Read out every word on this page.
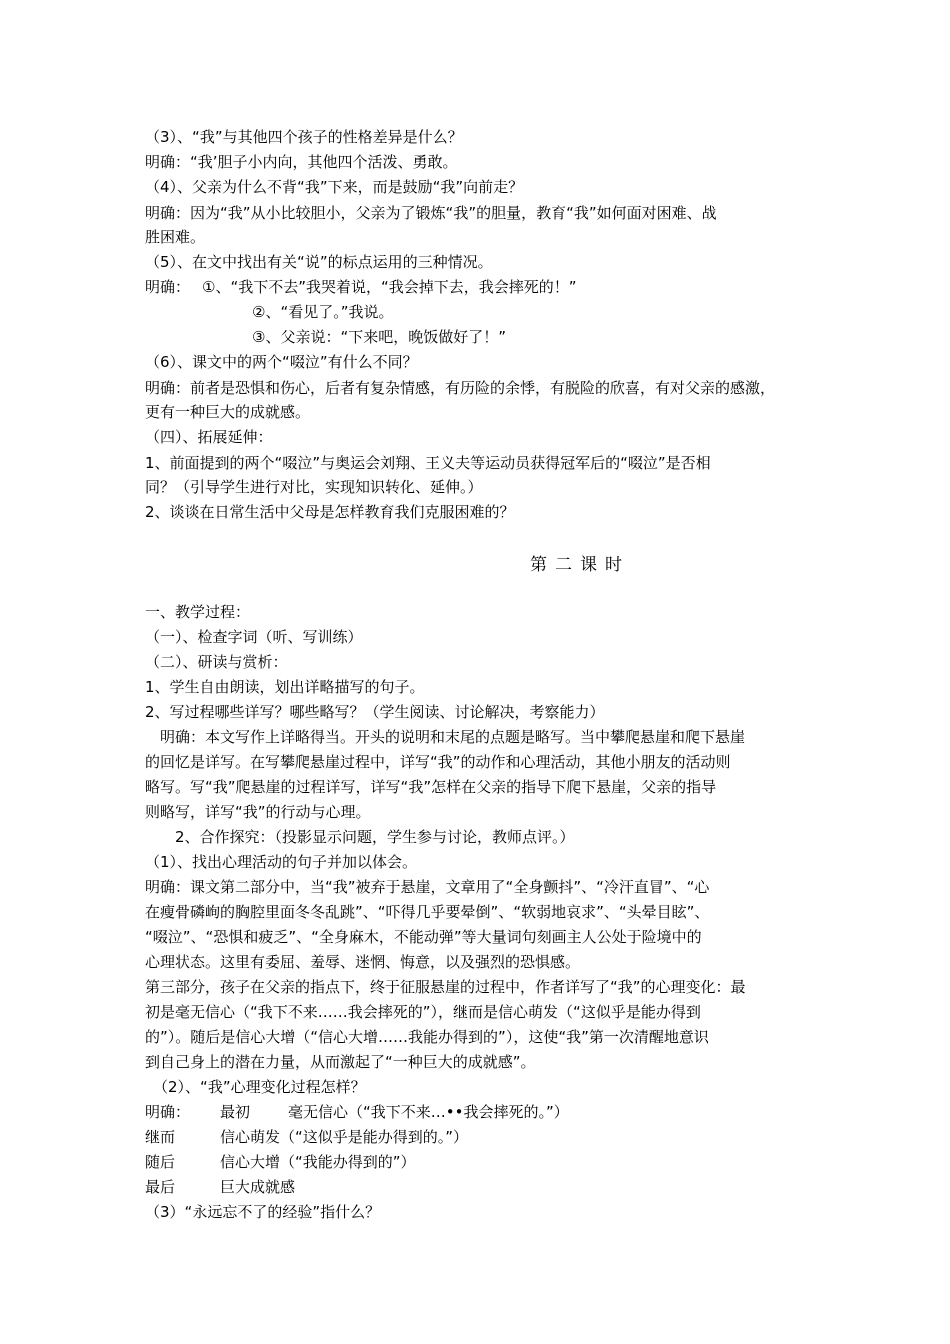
（3）、“我”与其他四个孩子的性格差异是什么？
明确：“我’胆子小内向，其他四个活泼、勇敢。
（4）、父亲为什么不背“我”下来，而是鼓励“我”向前走？
明确：因为“我”从小比较胆小，父亲为了锻炼“我”的胆量，教育“我”如何面对困难、战
胜困难。
（5）、在文中找出有关“说”的标点运用的三种情况。
明确： ①、“我下不去”我哭着说，“我会掉下去，我会摔死的！”
②、“看见了。”我说。
③、父亲说：“下来吧，晚饭做好了！”
（6）、课文中的两个“啜泣”有什么不同？
明确：前者是恐惧和伤心，后者有复杂情感，有历险的余悸，有脱险的欣喜，有对父亲的感激，
更有一种巨大的成就感。
（四）、拓展延伸：
1、前面提到的两个“啜泣”与奥运会刘翔、王义夫等运动员获得冠军后的“啜泣”是否相
同？（引导学生进行对比，实现知识转化、延伸。）
2、谈谈在日常生活中父母是怎样教育我们克服困难的？
第二课时
一、教学过程：
（一）、检查字词（听、写训练）
（二）、研读与赏析：
1、学生自由朗读，划出详略描写的句子。
2、写过程哪些详写？哪些略写？（学生阅读、讨论解决，考察能力）
明确：本文写作上详略得当。开头的说明和末尾的点题是略写。当中攀爬悬崖和爬下悬崖
的回忆是详写。在写攀爬悬崖过程中，详写“我”的动作和心理活动，其他小朋友的活动则
略写。写“我”爬悬崖的过程详写，详写“我”怎样在父亲的指导下爬下悬崖，父亲的指导
则略写，详写“我”的行动与心理。
2、合作探究：（投影显示问题，学生参与讨论，教师点评。）
（1）、找出心理活动的句子并加以体会。
明确：课文第二部分中，当“我”被弃于悬崖，文章用了“全身颤抖”、“冷汗直冒”、“心
在瘦骨磷峋的胸腔里面冬冬乱跳”、“吓得几乎要晕倒”、“软弱地哀求”、“头晕目眩”、
“啜泣”、“恐惧和疲乏”、“全身麻木，不能动弹”等大量词句刻画主人公处于险境中的
心理状态。这里有委屈、羞辱、迷惘、悔意，以及强烈的恐惧感。
第三部分，孩子在父亲的指点下，终于征服悬崖的过程中，作者详写了“我”的心理变化：最
初是毫无信心（“我下不来……我会摔死的”），继而是信心萌发（“这似乎是能办得到
的”）。随后是信心大增（“信心大增……我能办得到的”），这使“我”第一次清醒地意识
到自己身上的潜在力量，从而激起了“一种巨大的成就感”。
（2）、“我”心理变化过程怎样？
明确： 最初	毫无信心（“我下不来…••我会摔死的。”）
继而	信心萌发（“这似乎是能办得到的。”）
随后	信心大增（“我能办得到的”）
最后	巨大成就感
（3）“永远忘不了的经验”指什么？
